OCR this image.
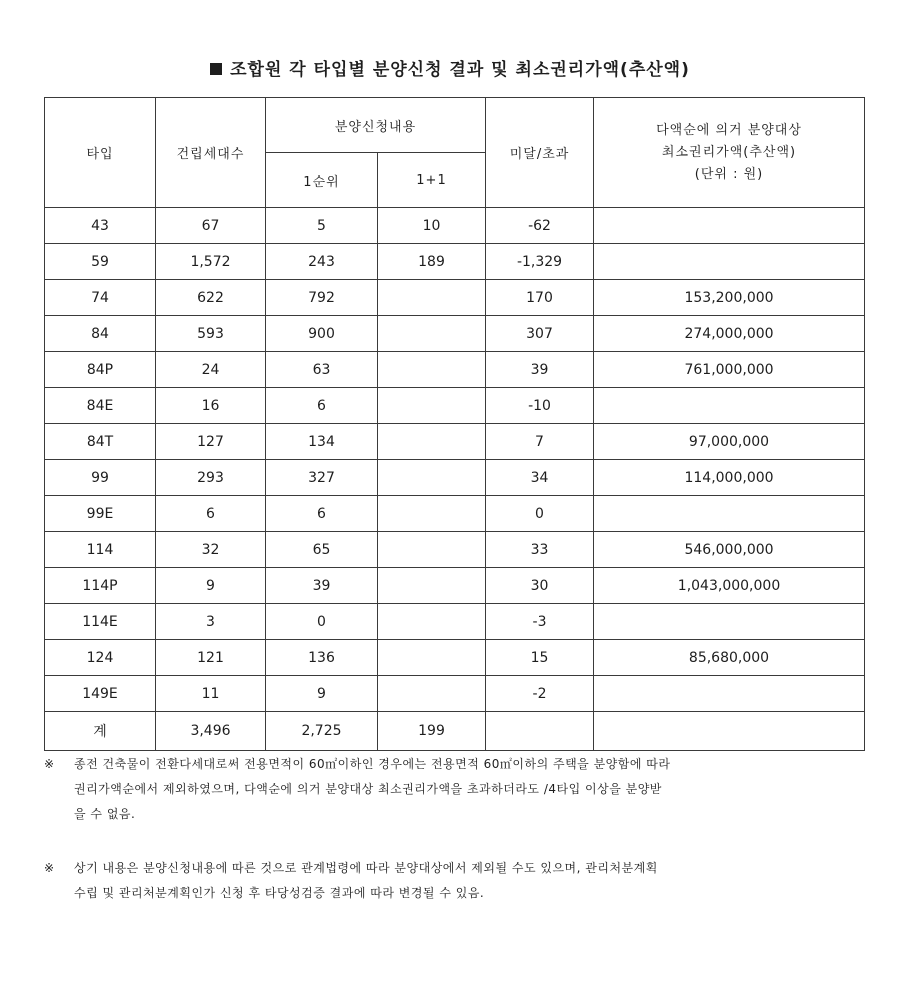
조합원 각 타입별 분양신청 결과 및 최소권리가액(추산액)
타입	건립세대수	분양신청내용		미달/초과	다액순에 의거 분양대상
최소권리가액(추산액)
(단위 : 원)

		1순위	1+1		
43	67	5	10	-62	
59	1,572	243	189	-1,329	
74	622	792		170	153,200,000
84	593	900		307	274,000,000
84P	24	63		39	761,000,000
84E	16	6		-10	
84T	127	134		7	97,000,000
99	293	327		34	114,000,000
99E	6	6		0	
114	32	65		33	546,000,000
114P	9	39		30	1,043,000,000
114E	3	0		-3	
124	121	136		15	85,680,000
149E	11	9		-2	
계	3,496	2,725	199		
※ 종전 건축물이 전환다세대로써 전용면적이 60㎡이하인 경우에는 전용면적 60㎡이하의 주택을 분양함에 따라
권리가액순에서 제외하였으며, 다액순에 의거 분양대상 최소권리가액을 초과하더라도 /4타입 이상을 분양받
을 수 없음.
※ 상기 내용은 분양신청내용에 따른 것으로 관계법령에 따라 분양대상에서 제외될 수도 있으며, 관리처분계획
수립 및 관리처분계획인가 신청 후 타당성검증 결과에 따라 변경될 수 있음.
